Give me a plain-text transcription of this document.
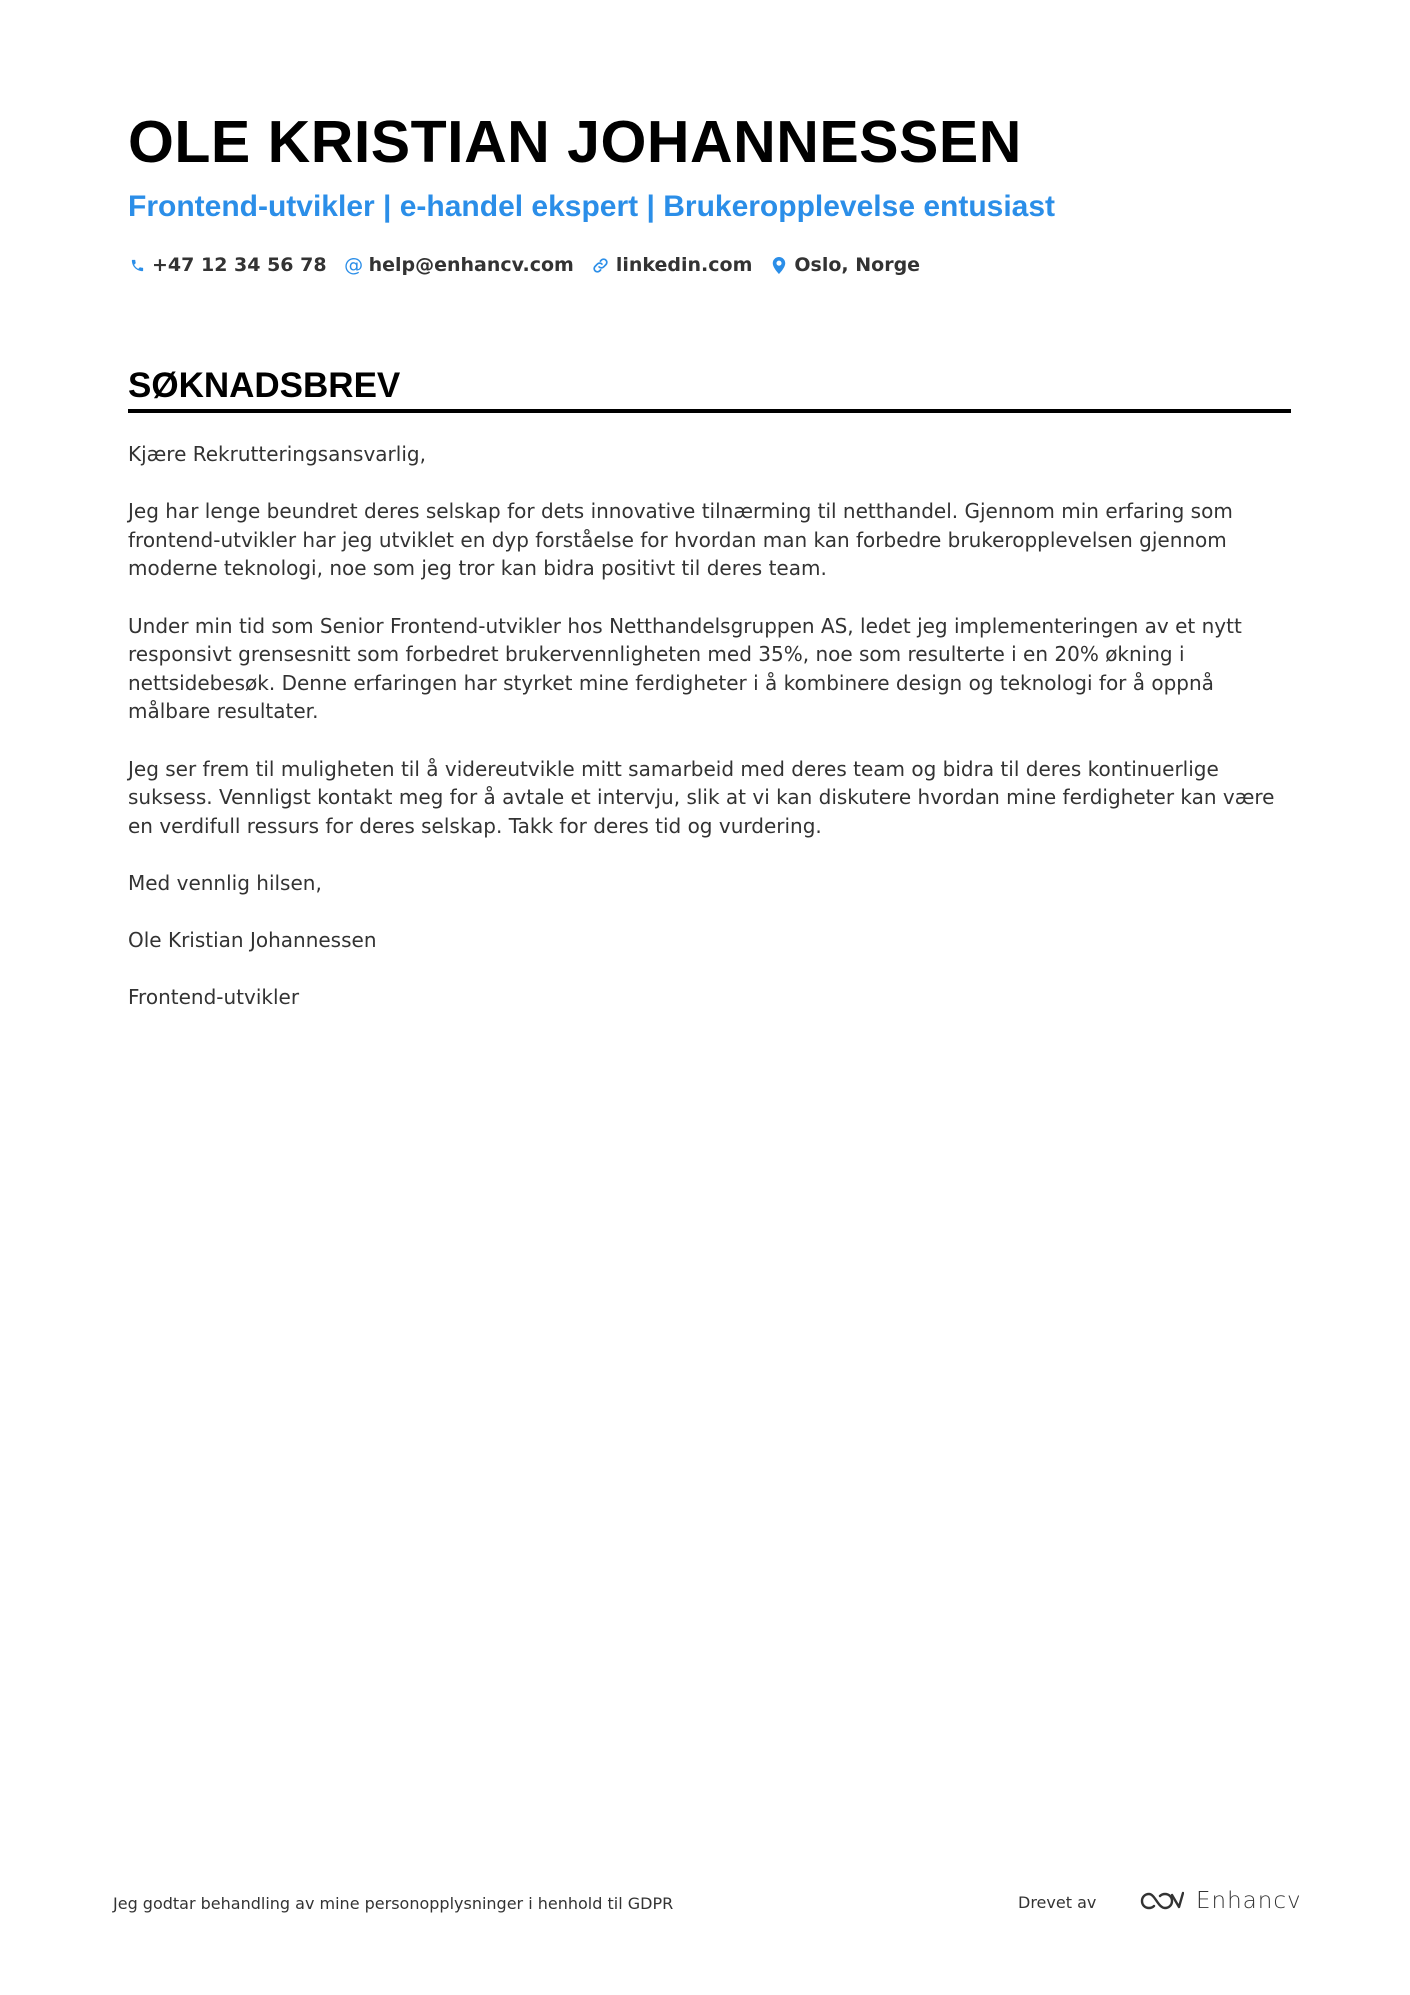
OLE KRISTIAN JOHANNESSEN
Frontend-utvikler | e-handel ekspert | Brukeropplevelse entusiast
+47 12 34 56 78 @ help@enhancv.com linkedin.com Oslo, Norge
SØKNADSBREV

Kjære Rekrutteringsansvarlig,

Jeg har lenge beundret deres selskap for dets innovative tilnærming til netthandel. Gjennom min erfaring som frontend-utvikler har jeg utviklet en dyp forståelse for hvordan man kan forbedre brukeropplevelsen gjennom moderne teknologi, noe som jeg tror kan bidra positivt til deres team.

Under min tid som Senior Frontend-utvikler hos Netthandelsgruppen AS, ledet jeg implementeringen av et nytt responsivt grensesnitt som forbedret brukervennligheten med 35%, noe som resulterte i en 20% økning i nettsidebesøk. Denne erfaringen har styrket mine ferdigheter i å kombinere design og teknologi for å oppnå målbare resultater.

Jeg ser frem til muligheten til å videreutvikle mitt samarbeid med deres team og bidra til deres kontinuerlige suksess. Vennligst kontakt meg for å avtale et intervju, slik at vi kan diskutere hvordan mine ferdigheter kan være en verdifull ressurs for deres selskap. Takk for deres tid og vurdering.

Med vennlig hilsen,

Ole Kristian Johannessen

Frontend-utvikler

Jeg godtar behandling av mine personopplysninger i henhold til GDPR	Drevet av	Enhancv
